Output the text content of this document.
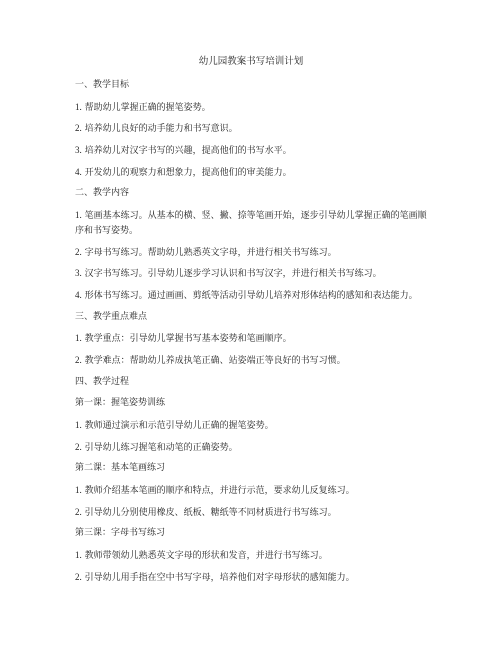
幼儿园教案书写培训计划
一、教学目标
1. 帮助幼儿掌握正确的握笔姿势。
2. 培养幼儿良好的动手能力和书写意识。
3. 培养幼儿对汉字书写的兴趣，提高他们的书写水平。
4. 开发幼儿的观察力和想象力，提高他们的审美能力。
二、教学内容
1. 笔画基本练习。从基本的横、竖、撇、捺等笔画开始，逐步引导幼儿掌握正确的笔画顺序和书写姿势。
2. 字母书写练习。帮助幼儿熟悉英文字母，并进行相关书写练习。
3. 汉字书写练习。引导幼儿逐步学习认识和书写汉字，并进行相关书写练习。
4. 形体书写练习。通过画画、剪纸等活动引导幼儿培养对形体结构的感知和表达能力。
三、教学重点难点
1. 教学重点：引导幼儿掌握书写基本姿势和笔画顺序。
2. 教学难点：帮助幼儿养成执笔正确、站姿端正等良好的书写习惯。
四、教学过程
第一课：握笔姿势训练
1. 教师通过演示和示范引导幼儿正确的握笔姿势。
2. 引导幼儿练习握笔和动笔的正确姿势。
第二课：基本笔画练习
1. 教师介绍基本笔画的顺序和特点，并进行示范，要求幼儿反复练习。
2. 引导幼儿分别使用橡皮、纸板、糖纸等不同材质进行书写练习。
第三课：字母书写练习
1. 教师带领幼儿熟悉英文字母的形状和发音，并进行书写练习。
2. 引导幼儿用手指在空中书写字母，培养他们对字母形状的感知能力。
